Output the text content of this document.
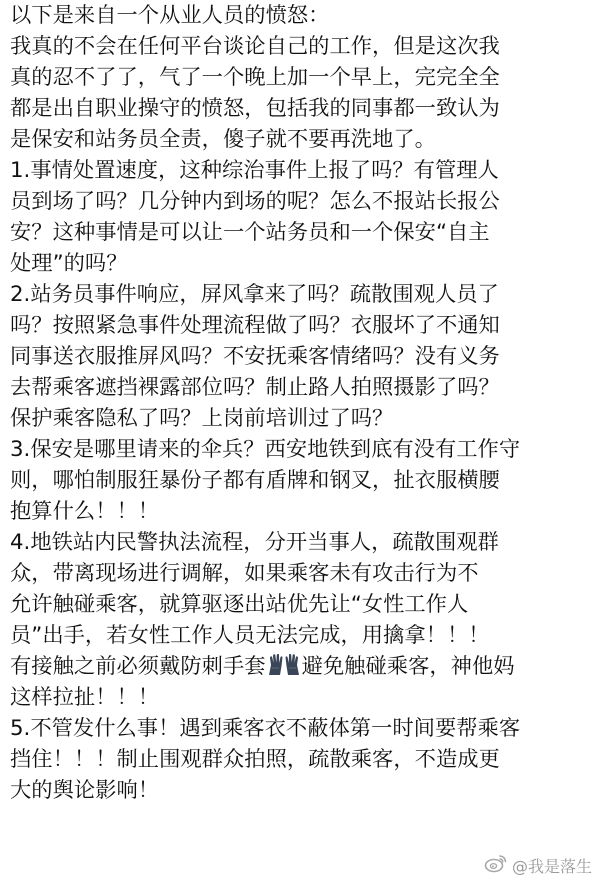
以下是来自一个从业人员的愤怒：
我真的不会在任何平台谈论自己的工作，但是这次我
真的忍不了了，气了一个晚上加一个早上，完完全全
都是出自职业操守的愤怒，包括我的同事都一致认为
是保安和站务员全责，傻子就不要再洗地了。
1.事情处置速度，这种综治事件上报了吗？有管理人
员到场了吗？几分钟内到场的呢？怎么不报站长报公
安？这种事情是可以让一个站务员和一个保安“自主
处理”的吗？
2.站务员事件响应，屏风拿来了吗？疏散围观人员了
吗？按照紧急事件处理流程做了吗？衣服坏了不通知
同事送衣服推屏风吗？不安抚乘客情绪吗？没有义务
去帮乘客遮挡裸露部位吗？制止路人拍照摄影了吗？
保护乘客隐私了吗？上岗前培训过了吗？
3.保安是哪里请来的伞兵？西安地铁到底有没有工作守
则，哪怕制服狂暴份子都有盾牌和钢叉，扯衣服横腰
抱算什么！！！
4.地铁站内民警执法流程，分开当事人，疏散围观群
众，带离现场进行调解，如果乘客未有攻击行为不
允许触碰乘客，就算驱逐出站优先让“女性工作人
员”出手，若女性工作人员无法完成，用擒拿！！！
有接触之前必须戴防刺手套 避免触碰乘客，神他妈
这样拉扯！！！
5.不管发什么事！遇到乘客衣不蔽体第一时间要帮乘客
挡住！！！制止围观群众拍照，疏散乘客，不造成更
大的舆论影响！
@我是落生
